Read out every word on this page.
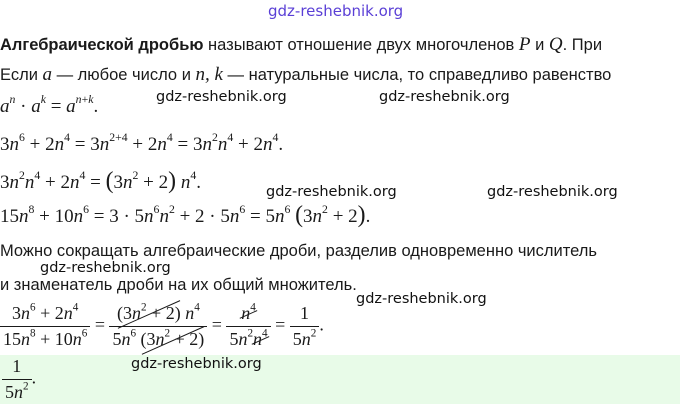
gdz-reshebnik.org
Алгебраической дробью называют отношение двух многочленов P и Q. При
Если a — любое число и n, k — натуральные числа, то справедливо равенство
$a^n \cdot a^k = a^{n+k}$.	gdz-reshebnik.org	gdz-reshebnik.org
$3n^6 + 2n^4 = 3n^{2+4} + 2n^4 = 3n^2n^4 + 2n^4$.
$3n^2n^4 + 2n^4 = (3n^2 + 2)$ $n^4$.	gdz-reshebnik.org	gdz-reshebnik.org
$15n^8 + 10n^6 = 3 \cdot 5n^6n^2 + 2 \cdot 5n^6 = 5n^6$ $(3n^2 + 2)$.
Можно сокращать алгебраические дроби, разделив одновременно числитель
gdz-reshebnik.org
и знаменатель дроби на их общий множитель.
gdz-reshebnik.org
$\frac{3n^6 + 2n^4}{15n^8 + 10n^6} = \frac{(3n^2 + 2) n^4}{5n^6 (3n^2 + 2)} = \frac{n^4}{5n^2n^4} = \frac{1}{5n^2}$ .
$\frac{1}{5n^2}$ .
gdz-reshebnik.org
